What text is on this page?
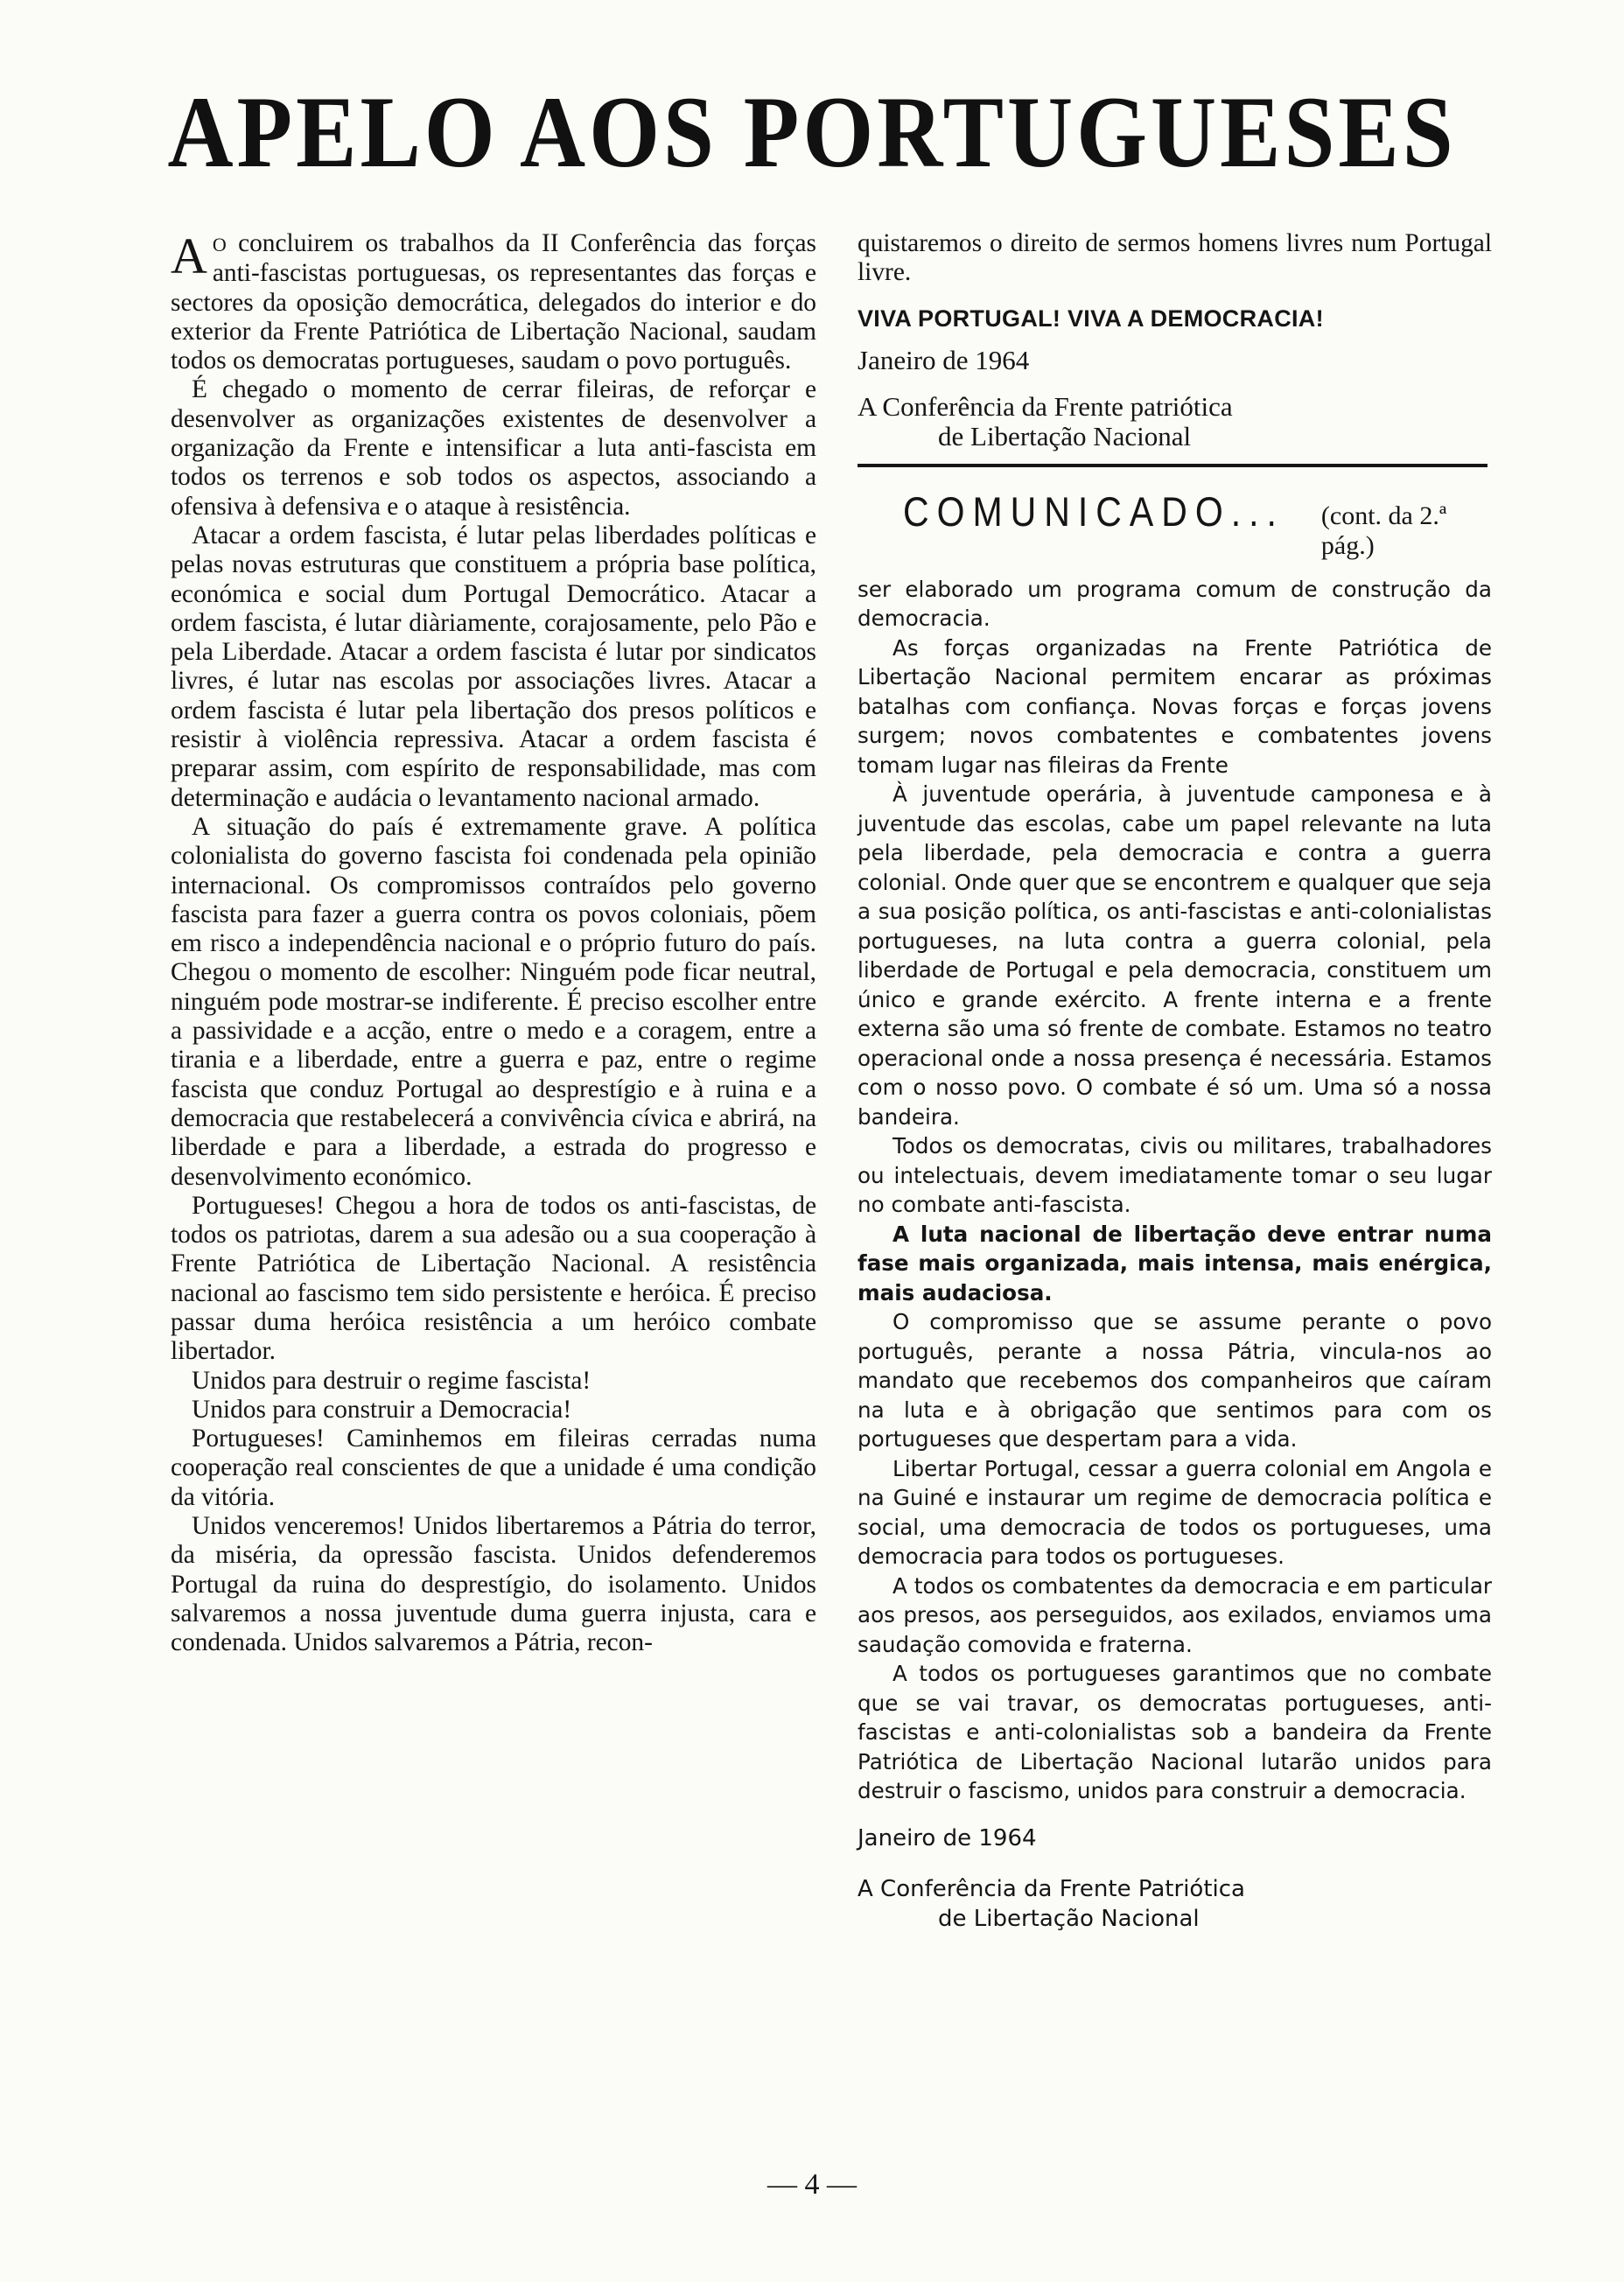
APELO AOS PORTUGUESES

A O concluirem os trabalhos da II Conferência das forças anti-fascistas portuguesas, os representantes das forças e sectores da oposição democrática, delegados do interior e do exterior da Frente Patriótica de Libertação Nacional, saudam todos os democratas portugueses, saudam o povo português.

É chegado o momento de cerrar fileiras, de reforçar e desenvolver as organizações existentes de desenvolver a organização da Frente e intensificar a luta anti-fascista em todos os terrenos e sob todos os aspectos, associando a ofensiva à defensiva e o ataque à resistência.

Atacar a ordem fascista, é lutar pelas liberdades políticas e pelas novas estruturas que constituem a própria base política, económica e social dum Portugal Democrático. Atacar a ordem fascista, é lutar diàriamente, corajosamente, pelo Pão e pela Liberdade. Atacar a ordem fascista é lutar por sindicatos livres, é lutar nas escolas por associações livres. Atacar a ordem fascista é lutar pela libertação dos presos políticos e resistir à violência repressiva. Atacar a ordem fascista é preparar assim, com espírito de responsabilidade, mas com determinação e audácia o levantamento nacional armado.

A situação do país é extremamente grave. A política colonialista do governo fascista foi condenada pela opinião internacional. Os compromissos contraídos pelo governo fascista para fazer a guerra contra os povos coloniais, põem em risco a independência nacional e o próprio futuro do país. Chegou o momento de escolher: Ninguém pode ficar neutral, ninguém pode mostrar-se indiferente. É preciso escolher entre a passividade e a acção, entre o medo e a coragem, entre a tirania e a liberdade, entre a guerra e paz, entre o regime fascista que conduz Portugal ao desprestígio e à ruina e a democracia que restabelecerá a convivência cívica e abrirá, na liberdade e para a liberdade, a estrada do progresso e desenvolvimento económico.

Portugueses! Chegou a hora de todos os anti-fascistas, de todos os patriotas, darem a sua adesão ou a sua cooperação à Frente Patriótica de Libertação Nacional. A resistência nacional ao fascismo tem sido persistente e heróica. É preciso passar duma heróica resistência a um heróico combate libertador.

Unidos para destruir o regime fascista!

Unidos para construir a Democracia!

Portugueses! Caminhemos em fileiras cerradas numa cooperação real conscientes de que a unidade é uma condição da vitória.

Unidos venceremos! Unidos libertaremos a Pátria do terror, da miséria, da opressão fascista. Unidos defenderemos Portugal da ruina do desprestígio, do isolamento. Unidos salvaremos a nossa juventude duma guerra injusta, cara e condenada. Unidos salvaremos a Pátria, recon-

quistaremos o direito de sermos homens livres num Portugal livre.

VIVA PORTUGAL! VIVA A DEMOCRACIA!
Janeiro de 1964
A Conferência da Frente patriótica
de Libertação Nacional
COMUNICADO... (cont. da 2.ª pág.)

ser elaborado um programa comum de construção da democracia.

As forças organizadas na Frente Patriótica de Libertação Nacional permitem encarar as próximas batalhas com confiança. Novas forças e forças jovens surgem; novos combatentes e combatentes jovens tomam lugar nas fileiras da Frente

À juventude operária, à juventude camponesa e à juventude das escolas, cabe um papel relevante na luta pela liberdade, pela democracia e contra a guerra colonial. Onde quer que se encontrem e qualquer que seja a sua posição política, os anti-fascistas e anti-colonialistas portugueses, na luta contra a guerra colonial, pela liberdade de Portugal e pela democracia, constituem um único e grande exército. A frente interna e a frente externa são uma só frente de combate. Estamos no teatro operacional onde a nossa presença é necessária. Estamos com o nosso povo. O combate é só um. Uma só a nossa bandeira.

Todos os democratas, civis ou militares, trabalhadores ou intelectuais, devem imediatamente tomar o seu lugar no combate anti-fascista.

A luta nacional de libertação deve entrar numa fase mais organizada, mais intensa, mais enérgica, mais audaciosa.

O compromisso que se assume perante o povo português, perante a nossa Pátria, vincula-nos ao mandato que recebemos dos companheiros que caíram na luta e à obrigação que sentimos para com os portugueses que despertam para a vida.

Libertar Portugal, cessar a guerra colonial em Angola e na Guiné e instaurar um regime de democracia política e social, uma democracia de todos os portugueses, uma democracia para todos os portugueses.

A todos os combatentes da democracia e em particular aos presos, aos perseguidos, aos exilados, enviamos uma saudação comovida e fraterna.

A todos os portugueses garantimos que no combate que se vai travar, os democratas portugueses, anti-fascistas e anti-colonialistas sob a bandeira da Frente Patriótica de Libertação Nacional lutarão unidos para destruir o fascismo, unidos para construir a democracia.

Janeiro de 1964
A Conferência da Frente Patriótica
de Libertação Nacional
— 4 —
